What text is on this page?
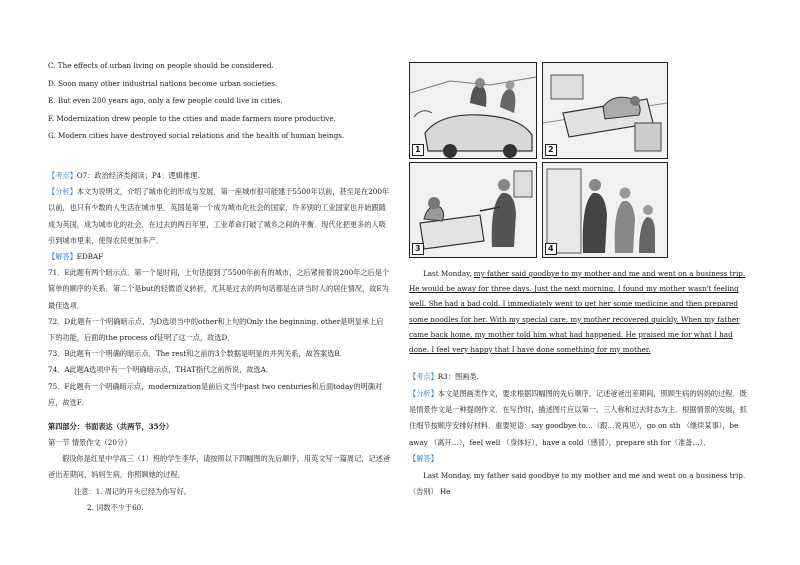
C. The effects of urban living on people should be considered.
D. Soon many other industrial nations become urban societies.
E. But even 200 years ago, only a few people could live in cities.
F. Modernization drew people to the cities and made farmers more productive.
G. Modern cities have destroyed social relations and the health of human beings.

【考点】O7：政治经济类阅读；P4：逻辑推理.

【分析】本文为说明文，介绍了城市化的形成与发展．第一座城市很可能建于5500年以前，甚至是在200年以前，也只有少数的人生活在城市里．英国是第一个成为城市化社会的国家，许多别的工业国家也开始跟随成为英国，成为城市化的社会．在过去的两百年里，工业革命打破了城乡之间的平衡．现代化把更多的人吸引到城市里来，使得农民更加多产．

【解答】EDBAF

71．E此题有两个暗示点．第一个是时间，上句话提到了5500年前有的城市，之后紧接着说200年之后是个简单的顺序的关系．第二个是but的轻微语义转折，尤其是过去的两句话都是在讲当时人的居住情况，故E为最佳选项．

72．D此题有一个明确暗示点，为D选项当中的other和上句的Only the beginning. other是明显承上启下的功能，后面的the process of证明了这一点，故选D．

73．B此题有一个明确的暗示点．The rest和之前的3个数据是明显的并列关系，故答案选B．

74．A此题A选项中有一个明确暗示点，THAT指代之前所说，故选A．

75．F此题有一个明确暗示点，modernization是前后文当中past two centuries和后面today的明确对应，故选F．

第四部分：书面表达（共两节，35分）

第一节 情景作文（20分）

假设你是红星中学高三（1）班的学生李华，请按照以下四幅图的先后顺序，用英文写一篇周记，记述爸爸出差期间，妈妈生病，你照顾她的过程。

注意：1. 周记的开头已经为你写好。
2. 词数不少于60.
1	2
3	4

Last Monday, my father said goodbye to my mother and me and went on a business trip. He would be away for three days. Just the next morning, I found my mother wasn't feeling well. She had a bad cold. I immediately went to get her some medicine and then prepared some noodles for her. With my special care, my mother recovered quickly. When my father came back home, my mother told him what had happened. He praised me for what I had done. I feel very happy that I have done something for my mother.

【考点】R3：图画类.

【分析】本文是图画类作文，要求根据四幅图的先后顺序，记述爸爸出差期间，照顾生病的妈妈的过程．既是情景作文是一种提纲作文．在写作时，描述图片应以第一、三人称和过去时态为主．根据情景的发展，抓住细节按顺序安排好材料．重要短语：say goodbye to…（跟…说再见），go on sth （继续某事），be away （离开…），feel well （身体好），have a cold（感冒），prepare sth for（准备…）．

【解答】

Last Monday, my father said goodbye to my mother and me and went on a business trip.（告别） He
